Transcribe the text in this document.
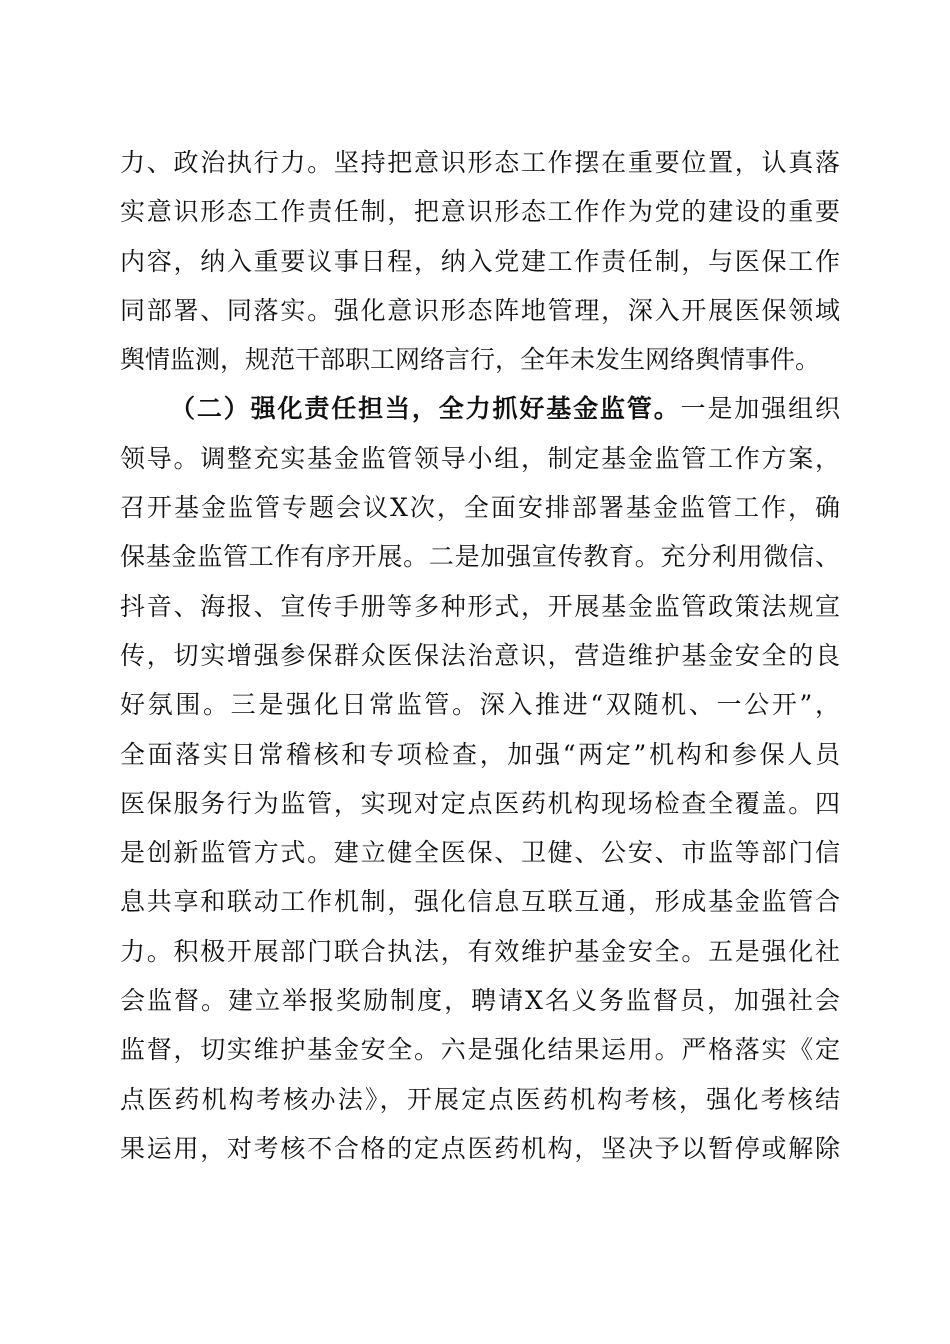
力、政治执行力。坚持把意识形态工作摆在重要位置，认真落
实意识形态工作责任制，把意识形态工作作为党的建设的重要
内容，纳入重要议事日程，纳入党建工作责任制，与医保工作
同部署、同落实。强化意识形态阵地管理，深入开展医保领域
舆情监测，规范干部职工网络言行，全年未发生网络舆情事件。
（二）强化责任担当，全力抓好基金监管。一是加强组织
领导。调整充实基金监管领导小组，制定基金监管工作方案，
召开基金监管专题会议X次，全面安排部署基金监管工作，确
保基金监管工作有序开展。二是加强宣传教育。充分利用微信、
抖音、海报、宣传手册等多种形式，开展基金监管政策法规宣
传，切实增强参保群众医保法治意识，营造维护基金安全的良
好氛围。三是强化日常监管。深入推进“双随机、一公开”，
全面落实日常稽核和专项检查，加强“两定”机构和参保人员
医保服务行为监管，实现对定点医药机构现场检查全覆盖。四
是创新监管方式。建立健全医保、卫健、公安、市监等部门信
息共享和联动工作机制，强化信息互联互通，形成基金监管合
力。积极开展部门联合执法，有效维护基金安全。五是强化社
会监督。建立举报奖励制度，聘请X名义务监督员，加强社会
监督，切实维护基金安全。六是强化结果运用。严格落实《定
点医药机构考核办法》，开展定点医药机构考核，强化考核结
果运用，对考核不合格的定点医药机构，坚决予以暂停或解除
